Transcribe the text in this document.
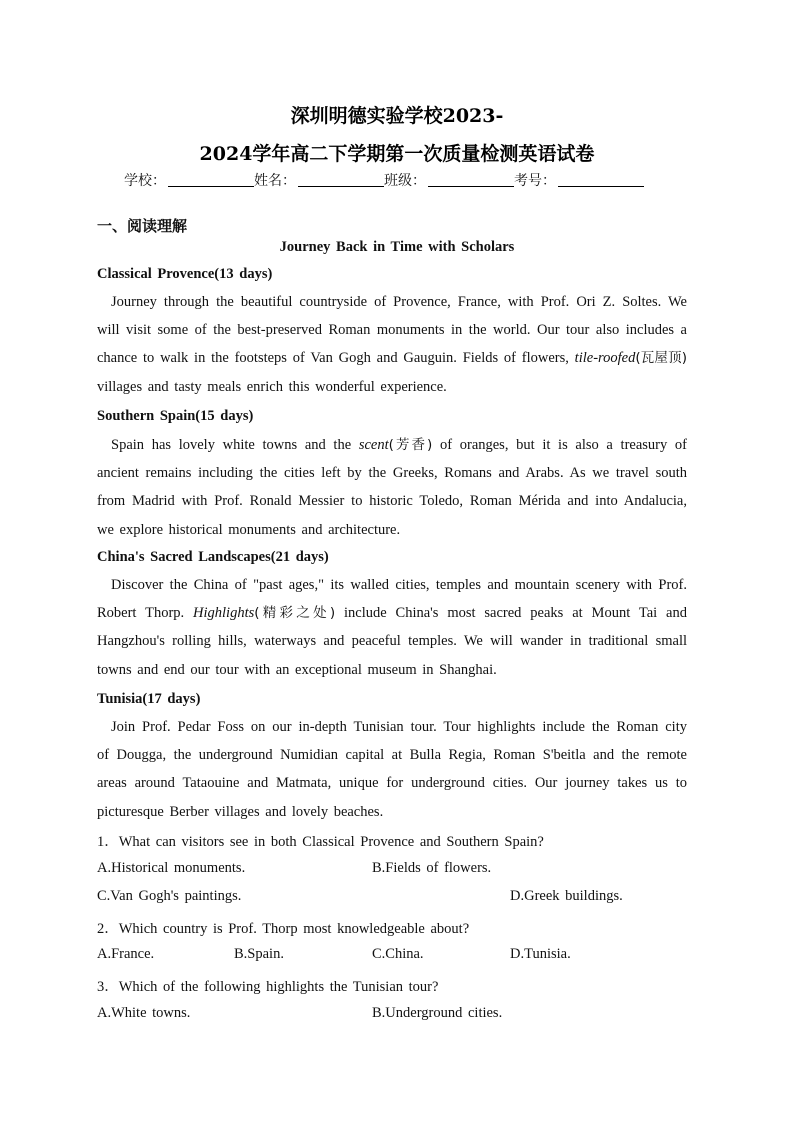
深圳明德实验学校2023-
2024学年高二下学期第一次质量检测英语试卷
学校：	姓名：	班级：	考号：
一、阅读理解
Journey Back in Time with Scholars
Classical Provence(13 days)
Journey through the beautiful countryside of Provence, France, with Prof. Ori Z. Soltes. We will visit some of the best-preserved Roman monuments in the world. Our tour also includes a chance to walk in the footsteps of Van Gogh and Gauguin. Fields of flowers, tile-roofed(瓦屋顶) villages and tasty meals enrich this wonderful experience.
Southern Spain(15 days)
Spain has lovely white towns and the scent(芳香) of oranges, but it is also a treasury of ancient remains including the cities left by the Greeks, Romans and Arabs. As we travel south from Madrid with Prof. Ronald Messier to historic Toledo, Roman Mérida and into Andalucia, we explore historical monuments and architecture.
China's Sacred Landscapes(21 days)
Discover the China of "past ages," its walled cities, temples and mountain scenery with Prof. Robert Thorp. Highlights(精彩之处) include China's most sacred peaks at Mount Tai and Hangzhou's rolling hills, waterways and peaceful temples. We will wander in traditional small towns and end our tour with an exceptional museum in Shanghai.
Tunisia(17 days)
Join Prof. Pedar Foss on our in-depth Tunisian tour. Tour highlights include the Roman city of Dougga, the underground Numidian capital at Bulla Regia, Roman S'beitla and the remote areas around Tataouine and Matmata, unique for underground cities. Our journey takes us to picturesque Berber villages and lovely beaches.
1．What can visitors see in both Classical Provence and Southern Spain?
A.Historical monuments.	B.Fields of flowers.
C.Van Gogh's paintings.	D.Greek buildings.
2．Which country is Prof. Thorp most knowledgeable about?
A.France.	B.Spain.	C.China.	D.Tunisia.
3．Which of the following highlights the Tunisian tour?
A.White towns.	B.Underground cities.
